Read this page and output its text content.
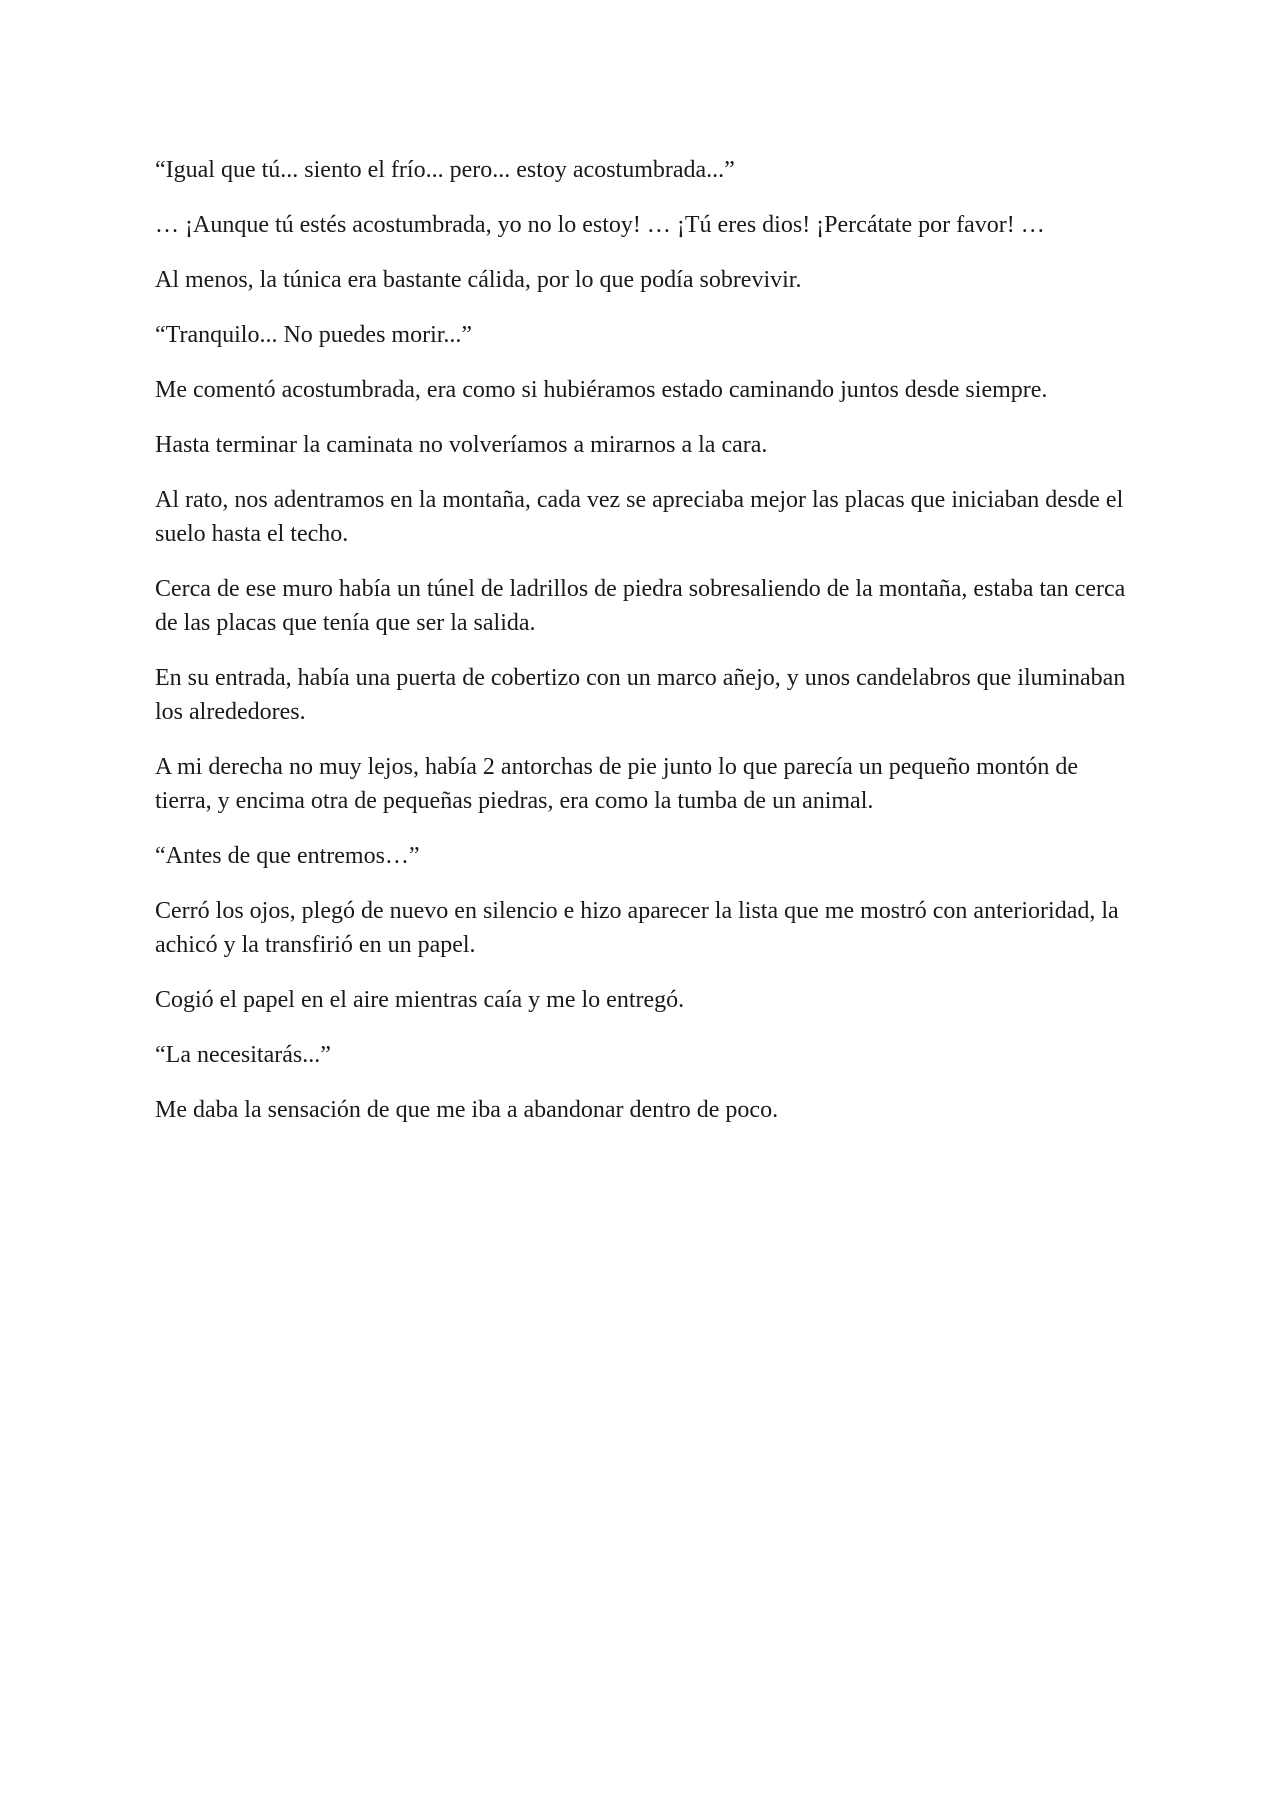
“Igual que tú... siento el frío... pero... estoy acostumbrada...”

… ¡Aunque tú estés acostumbrada, yo no lo estoy! … ¡Tú eres dios! ¡Percátate por favor! …

Al menos, la túnica era bastante cálida, por lo que podía sobrevivir.

“Tranquilo... No puedes morir...”

Me comentó acostumbrada, era como si hubiéramos estado caminando juntos desde siempre.

Hasta terminar la caminata no volveríamos a mirarnos a la cara.

Al rato, nos adentramos en la montaña, cada vez se apreciaba mejor las placas que iniciaban desde el suelo hasta el techo.

Cerca de ese muro había un túnel de ladrillos de piedra sobresaliendo de la montaña, estaba tan cerca de las placas que tenía que ser la salida.

En su entrada, había una puerta de cobertizo con un marco añejo, y unos candelabros que iluminaban los alrededores.

A mi derecha no muy lejos, había 2 antorchas de pie junto lo que parecía un pequeño montón de tierra, y encima otra de pequeñas piedras, era como la tumba de un animal.

“Antes de que entremos…”

Cerró los ojos, plegó de nuevo en silencio e hizo aparecer la lista que me mostró con anterioridad, la achicó y la transfirió en un papel.

Cogió el papel en el aire mientras caía y me lo entregó.

“La necesitarás...”

Me daba la sensación de que me iba a abandonar dentro de poco.
